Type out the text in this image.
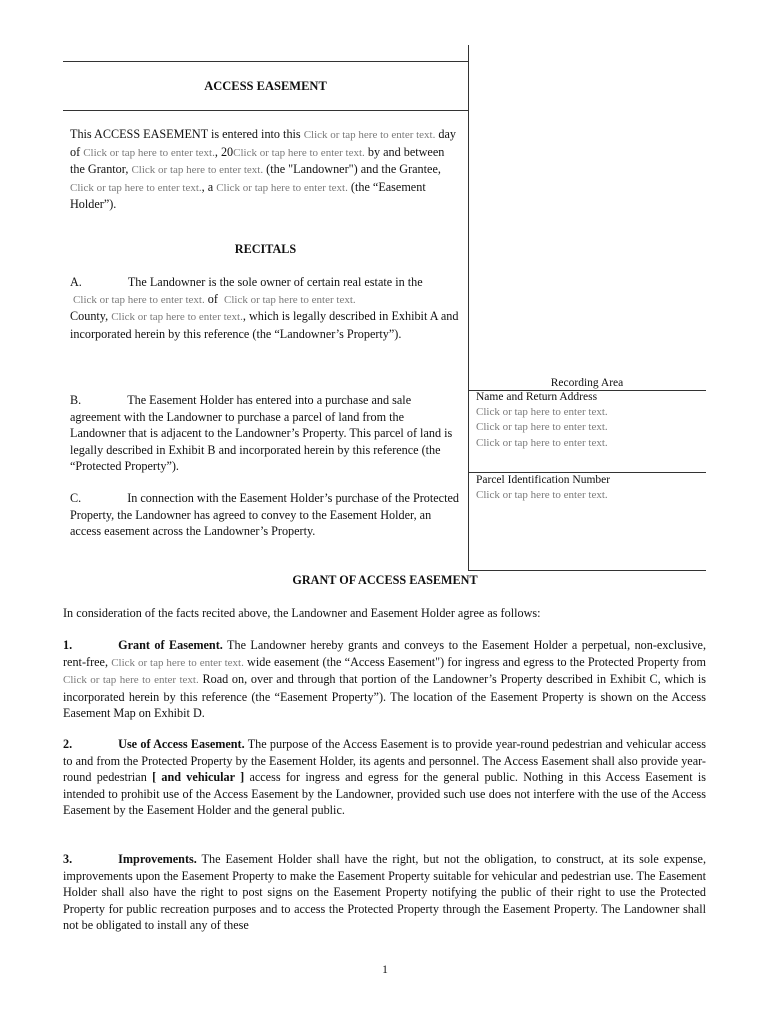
ACCESS EASEMENT
This ACCESS EASEMENT is entered into this Click or tap here to enter text. day of Click or tap here to enter text., 20Click or tap here to enter text. by and between the Grantor, Click or tap here to enter text. (the "Landowner") and the Grantee, Click or tap here to enter text., a Click or tap here to enter text. (the “Easement Holder”).
RECITALS
A.	The Landowner is the sole owner of certain real estate in the
Click or tap here to enter text. of  Click or tap here to enter text.
County, Click or tap here to enter text., which is legally described in Exhibit A and incorporated herein by this reference (the “Landowner’s Property”).
B.	The Easement Holder has entered into a purchase and sale agreement with the Landowner to purchase a parcel of land from the Landowner that is adjacent to the Landowner’s Property. This parcel of land is legally described in Exhibit B and incorporated herein by this reference (the “Protected Property”).
C.	In connection with the Easement Holder’s purchase of the Protected Property, the Landowner has agreed to convey to the Easement Holder, an access easement across the Landowner’s Property.
Recording Area
Name and Return Address
Click or tap here to enter text.
Click or tap here to enter text.
Click or tap here to enter text.
Parcel Identification Number
Click or tap here to enter text.
GRANT OF ACCESS EASEMENT
In consideration of the facts recited above, the Landowner and Easement Holder agree as follows:
1.	Grant of Easement. The Landowner hereby grants and conveys to the Easement Holder a perpetual, non-exclusive, rent-free, Click or tap here to enter text. wide easement (the “Access Easement") for ingress and egress to the Protected Property from Click or tap here to enter text. Road on, over and through that portion of the Landowner’s Property described in Exhibit C, which is incorporated herein by this reference (the “Easement Property”). The location of the Easement Property is shown on the Access Easement Map on Exhibit D.
2.	Use of Access Easement. The purpose of the Access Easement is to provide year-round pedestrian and vehicular access to and from the Protected Property by the Easement Holder, its agents and personnel. The Access Easement shall also provide year-round pedestrian [ and vehicular ] access for ingress and egress for the general public. Nothing in this Access Easement is intended to prohibit use of the Access Easement by the Landowner, provided such use does not interfere with the use of the Access Easement by the Easement Holder and the general public.
3.	Improvements. The Easement Holder shall have the right, but not the obligation, to construct, at its sole expense, improvements upon the Easement Property to make the Easement Property suitable for vehicular and pedestrian use. The Easement Holder shall also have the right to post signs on the Easement Property notifying the public of their right to use the Protected Property for public recreation purposes and to access the Protected Property through the Easement Property. The Landowner shall not be obligated to install any of these
1
